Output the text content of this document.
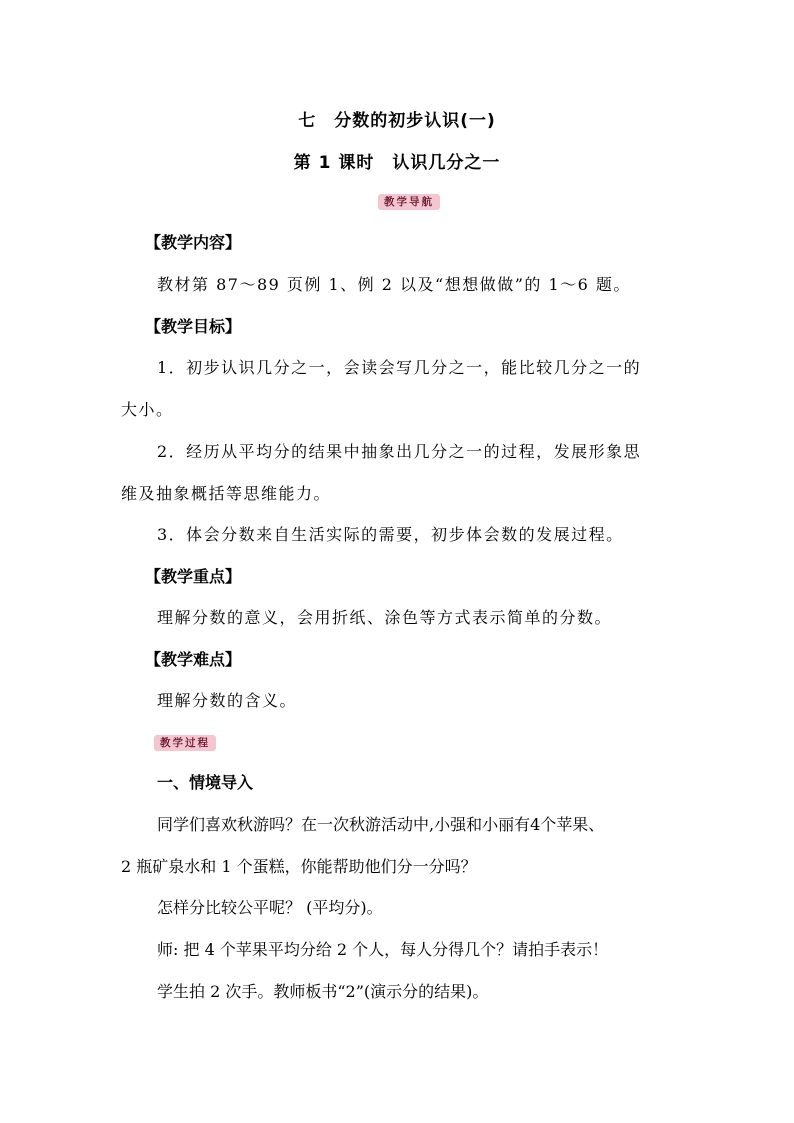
七　分数的初步认识(一)
第 1 课时　认识几分之一
教学导航
【教学内容】
教材第 87～89 页例 1、例 2 以及“想想做做”的 1～6 题。
【教学目标】
1．初步认识几分之一，会读会写几分之一，能比较几分之一的
大小。
2．经历从平均分的结果中抽象出几分之一的过程，发展形象思
维及抽象概括等思维能力。
3．体会分数来自生活实际的需要，初步体会数的发展过程。
【教学重点】
理解分数的意义，会用折纸、涂色等方式表示简单的分数。
【教学难点】
理解分数的含义。
教学过程
一、情境导入
同学们喜欢秋游吗？在一次秋游活动中,小强和小丽有4个苹果、
2 瓶矿泉水和 1 个蛋糕，你能帮助他们分一分吗？
怎样分比较公平呢？ (平均分)。
师: 把 4 个苹果平均分给 2 个人，每人分得几个？请拍手表示！
学生拍 2 次手。教师板书“2”(演示分的结果)。
